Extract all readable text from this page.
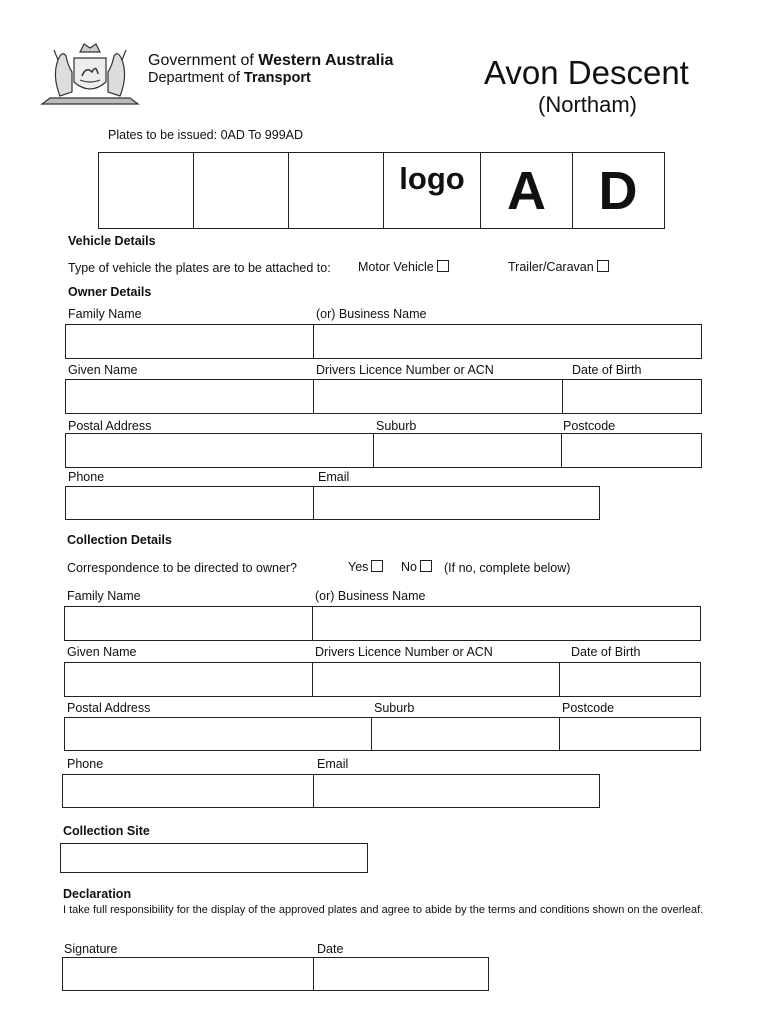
Government of Western Australia
Department of Transport	Avon Descent
(Northam)
Plates to be issued: 0AD To 999AD
logo A D
Vehicle Details
Type of vehicle the plates are to be attached to: Motor Vehicle	Trailer/Caravan
Owner Details
Family Name	(or) Business Name
Given Name	Drivers Licence Number or ACN	Date of Birth
Postal Address	Suburb	Postcode
Phone	Email
Collection Details
Correspondence to be directed to owner?	Yes	No	(If no, complete below)
Family Name	(or) Business Name
Given Name	Drivers Licence Number or ACN	Date of Birth
Postal Address	Suburb	Postcode
Phone	Email
Collection Site
Declaration
I take full responsibility for the display of the approved plates and agree to abide by the terms and conditions shown on the overleaf.
Signature	Date
